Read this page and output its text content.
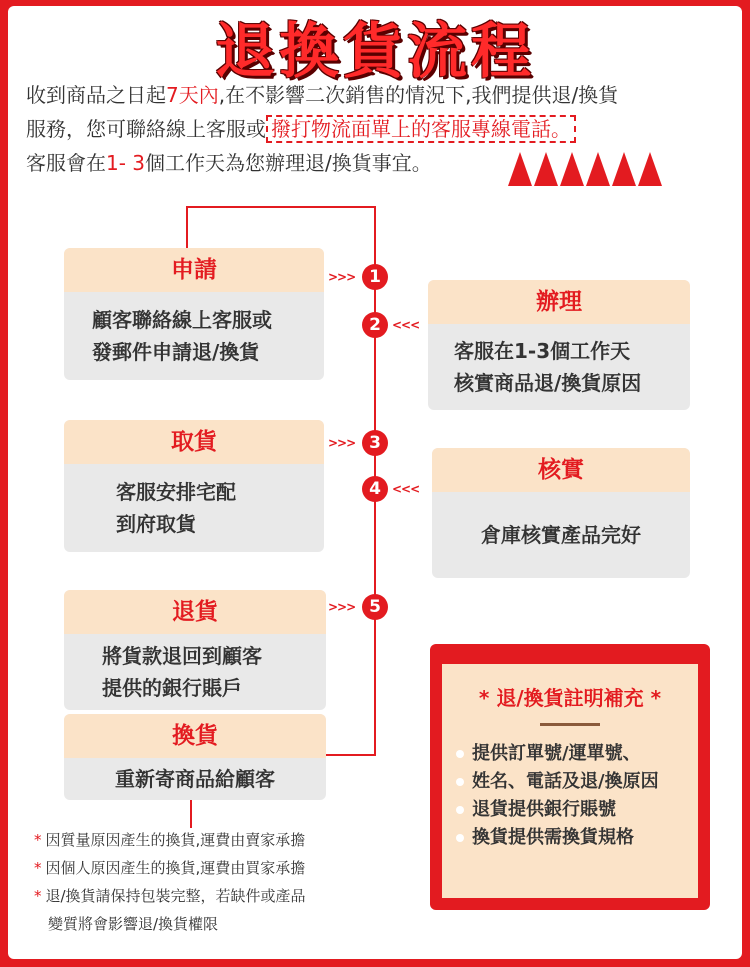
退換貨流程
收到商品之日起7天內,在不影響二次銷售的情況下,我們提供退/換貨
服務，您可聯絡線上客服或 撥打物流面單上的客服專線電話。
客服會在1- 3個工作天為您辦理退/換貨事宜。
申請
顧客聯絡線上客服或
發郵件申請退/換貨
辦理
客服在1-3個工作天
核實商品退/換貨原因
取貨
客服安排宅配
到府取貨
核實
倉庫核實產品完好
退貨
將貨款退回到顧客
提供的銀行賬戶
換貨
重新寄商品給顧客
>>> 1
2 <<<
>>> 3
4 <<<
>>> 5
* 退/換貨註明補充 *
提供訂單號/運單號、
姓名、電話及退/換原因
退貨提供銀行賬號
換貨提供需換貨規格
* 因質量原因產生的換貨,運費由賣家承擔
* 因個人原因產生的換貨,運費由買家承擔
* 退/換貨請保持包裝完整，若缺件或產品
變質將會影響退/換貨權限
